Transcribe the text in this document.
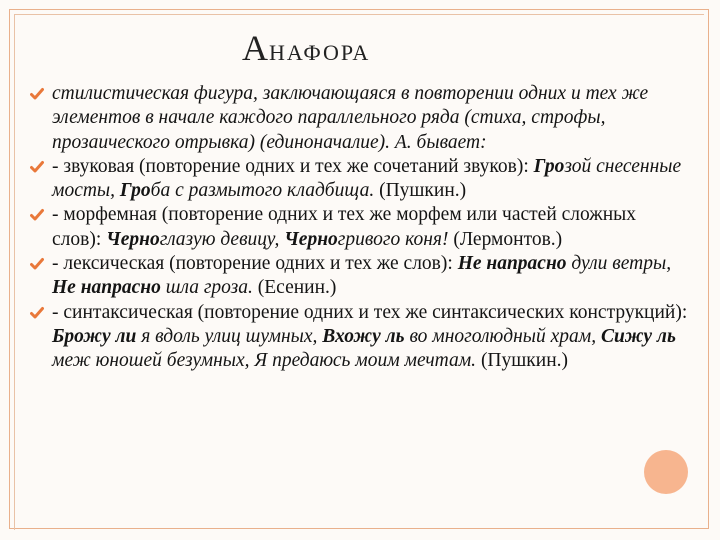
АНАФОРА

стилистическая фигура, заключающаяся в повторении одних и тех же элементов в начале каждого параллельного ряда (стиха, строфы, прозаического отрывка) (единоначалие). А. бывает:

- звуковая (повторение одних и тех же сочетаний звуков): Грозой снесенные мосты, Гроба с размытого кладбища. (Пушкин.)

- морфемная (повторение одних и тех же морфем или частей сложных слов): Черноглазую девицу, Черногривого коня! (Лермонтов.)

- лексическая (повторение одних и тех же слов): Не напрасно дули ветры, Не напрасно шла гроза. (Есенин.)

- синтаксическая (повторение одних и тех же синтаксических конструкций): Брожу ли я вдоль улиц шумных, Вхожу ль во многолюдный храм, Сижу ль меж юношей безумных, Я предаюсь моим мечтам. (Пушкин.)
